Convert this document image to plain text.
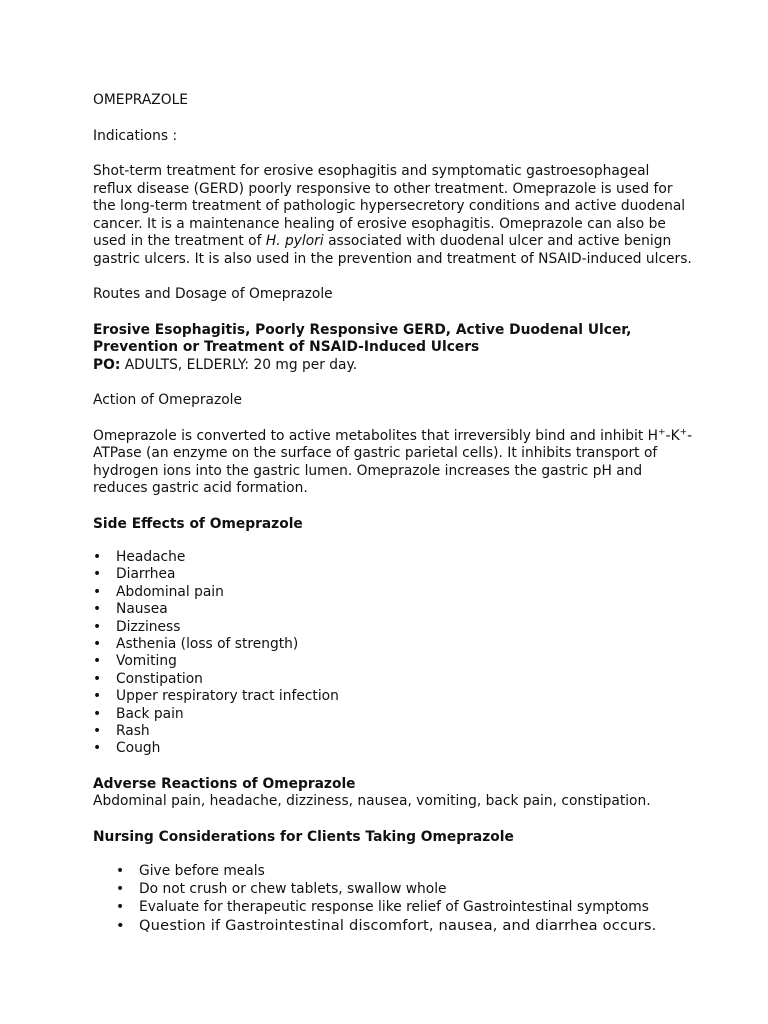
OMEPRAZOLE

Indications :

Shot-term treatment for erosive esophagitis and symptomatic gastroesophageal reflux disease (GERD) poorly responsive to other treatment. Omeprazole is used for the long-term treatment of pathologic hypersecretory conditions and active duodenal cancer. It is a maintenance healing of erosive esophagitis. Omeprazole can also be used in the treatment of H. pylori associated with duodenal ulcer and active benign gastric ulcers. It is also used in the prevention and treatment of NSAID-induced ulcers.

Routes and Dosage of Omeprazole

Erosive Esophagitis, Poorly Responsive GERD, Active Duodenal Ulcer, Prevention or Treatment of NSAID-Induced Ulcers

PO: ADULTS, ELDERLY: 20 mg per day.

Action of Omeprazole

Omeprazole is converted to active metabolites that irreversibly bind and inhibit H+-K+-ATPase (an enzyme on the surface of gastric parietal cells). It inhibits transport of hydrogen ions into the gastric lumen. Omeprazole increases the gastric pH and reduces gastric acid formation.

Side Effects of Omeprazole

• Headache
• Diarrhea
• Abdominal pain
• Nausea
• Dizziness
• Asthenia (loss of strength)
• Vomiting
• Constipation
• Upper respiratory tract infection
• Back pain
• Rash
• Cough

Adverse Reactions of Omeprazole

Abdominal pain, headache, dizziness, nausea, vomiting, back pain, constipation.

Nursing Considerations for Clients Taking Omeprazole

• Give before meals
• Do not crush or chew tablets, swallow whole
• Evaluate for therapeutic response like relief of Gastrointestinal symptoms
• Question if Gastrointestinal discomfort, nausea, and diarrhea occurs.
